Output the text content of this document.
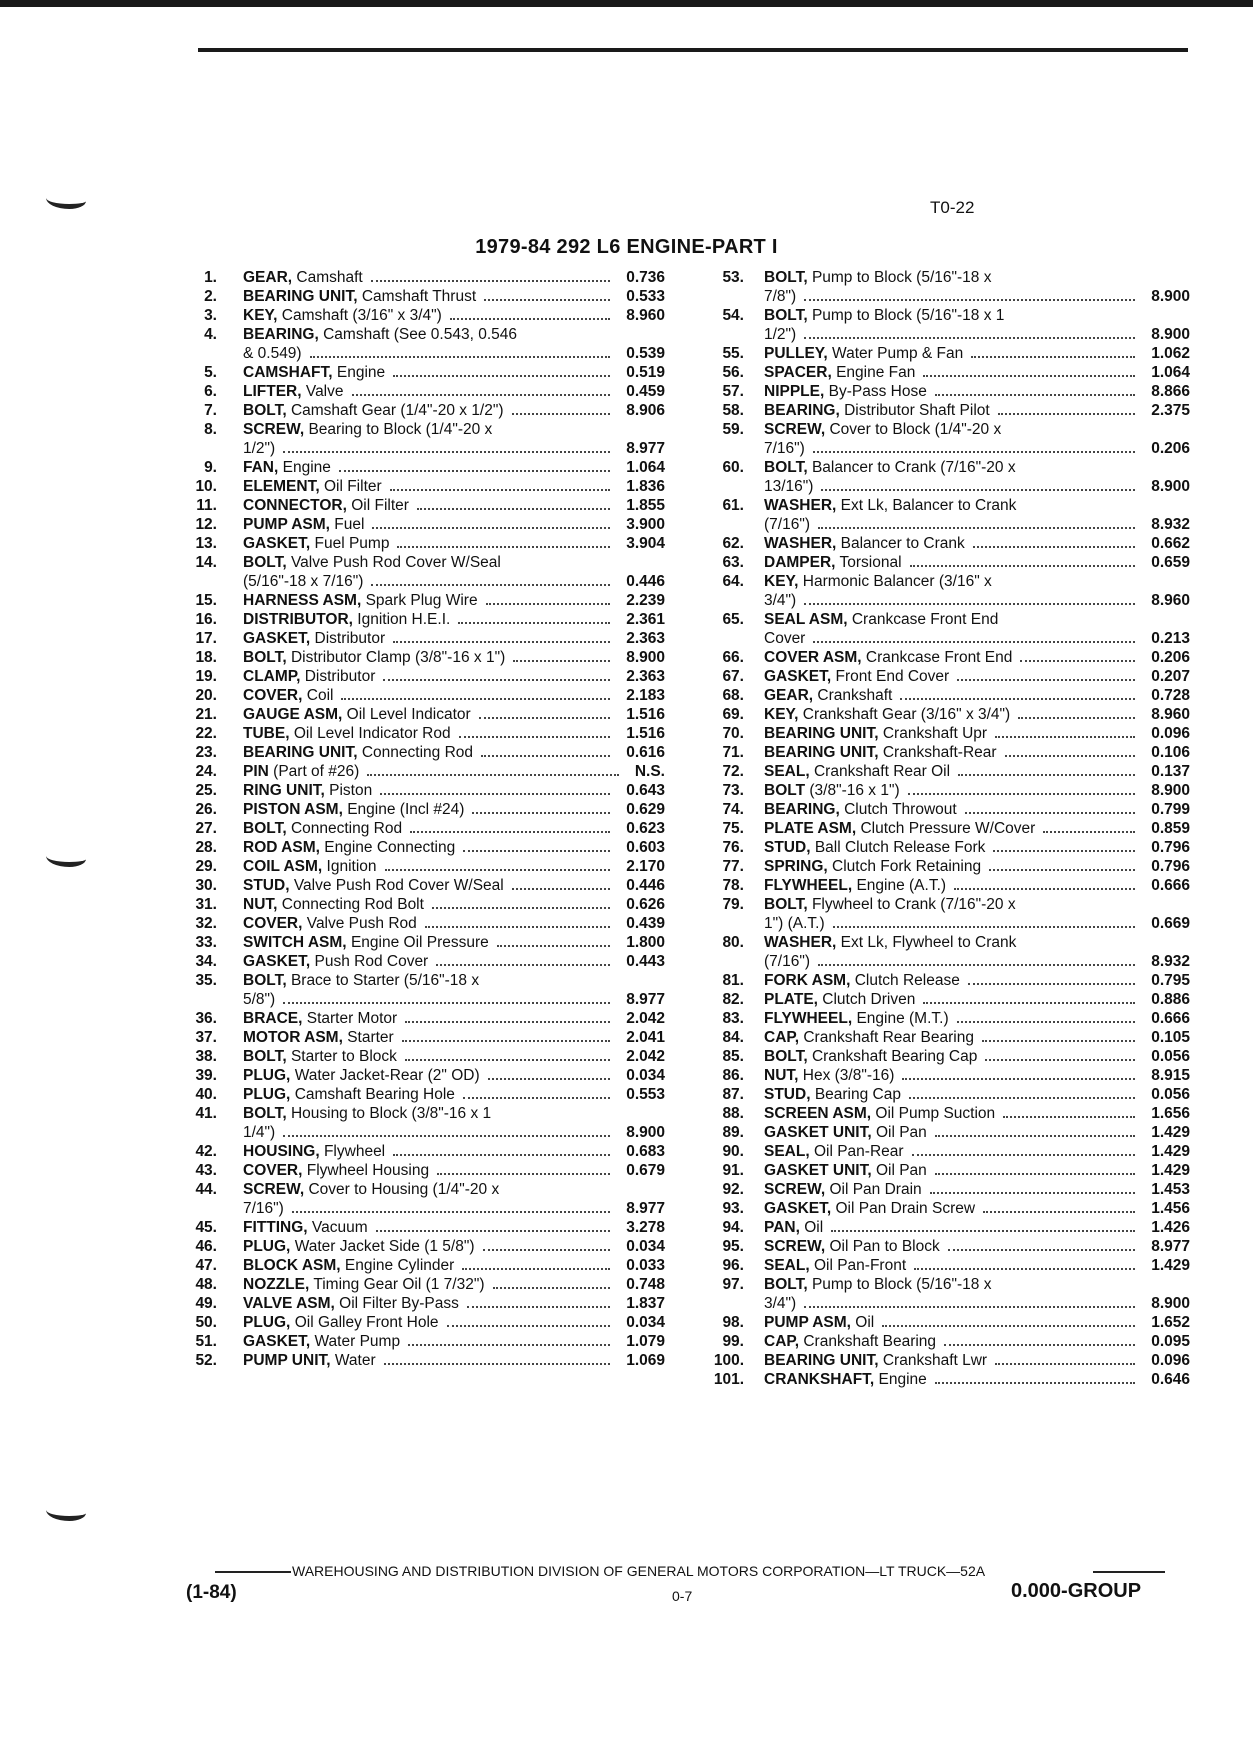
T0-22
1979-84 292 L6 ENGINE-PART I
1. GEAR, Camshaft	0.736
2. BEARING UNIT, Camshaft Thrust	0.533
3. KEY, Camshaft (3/16" x 3/4")	8.960
4. BEARING, Camshaft (See 0.543, 0.546
& 0.549)	0.539
5. CAMSHAFT, Engine	0.519
6. LIFTER, Valve	0.459
7. BOLT, Camshaft Gear (1/4"-20 x 1/2")	8.906
8. SCREW, Bearing to Block (1/4"-20 x
1/2")	8.977
9. FAN, Engine	1.064
10. ELEMENT, Oil Filter	1.836
11. CONNECTOR, Oil Filter	1.855
12. PUMP ASM, Fuel	3.900
13. GASKET, Fuel Pump	3.904
14. BOLT, Valve Push Rod Cover W/Seal
(5/16"-18 x 7/16")	0.446
15. HARNESS ASM, Spark Plug Wire	2.239
16. DISTRIBUTOR, Ignition H.E.I.	2.361
17. GASKET, Distributor	2.363
18. BOLT, Distributor Clamp (3/8"-16 x 1")	8.900
19. CLAMP, Distributor	2.363
20. COVER, Coil	2.183
21. GAUGE ASM, Oil Level Indicator	1.516
22. TUBE, Oil Level Indicator Rod	1.516
23. BEARING UNIT, Connecting Rod	0.616
24. PIN (Part of #26)	N.S.
25. RING UNIT, Piston	0.643
26. PISTON ASM, Engine (Incl #24)	0.629
27. BOLT, Connecting Rod	0.623
28. ROD ASM, Engine Connecting	0.603
29. COIL ASM, Ignition	2.170
30. STUD, Valve Push Rod Cover W/Seal	0.446
31. NUT, Connecting Rod Bolt	0.626
32. COVER, Valve Push Rod	0.439
33. SWITCH ASM, Engine Oil Pressure	1.800
34. GASKET, Push Rod Cover	0.443
35. BOLT, Brace to Starter (5/16"-18 x
5/8")	8.977
36. BRACE, Starter Motor	2.042
37. MOTOR ASM, Starter	2.041
38. BOLT, Starter to Block	2.042
39. PLUG, Water Jacket-Rear (2" OD)	0.034
40. PLUG, Camshaft Bearing Hole	0.553
41. BOLT, Housing to Block (3/8"-16 x 1
1/4")	8.900
42. HOUSING, Flywheel	0.683
43. COVER, Flywheel Housing	0.679
44. SCREW, Cover to Housing (1/4"-20 x
7/16")	8.977
45. FITTING, Vacuum	3.278
46. PLUG, Water Jacket Side (1 5/8")	0.034
47. BLOCK ASM, Engine Cylinder	0.033
48. NOZZLE, Timing Gear Oil (1 7/32")	0.748
49. VALVE ASM, Oil Filter By-Pass	1.837
50. PLUG, Oil Galley Front Hole	0.034
51. GASKET, Water Pump	1.079
52. PUMP UNIT, Water	1.069
53. BOLT, Pump to Block (5/16"-18 x
7/8")	8.900
54. BOLT, Pump to Block (5/16"-18 x 1
1/2")	8.900
55. PULLEY, Water Pump & Fan	1.062
56. SPACER, Engine Fan	1.064
57. NIPPLE, By-Pass Hose	8.866
58. BEARING, Distributor Shaft Pilot	2.375
59. SCREW, Cover to Block (1/4"-20 x
7/16")	0.206
60. BOLT, Balancer to Crank (7/16"-20 x
13/16")	8.900
61. WASHER, Ext Lk, Balancer to Crank
(7/16")	8.932
62. WASHER, Balancer to Crank	0.662
63. DAMPER, Torsional	0.659
64. KEY, Harmonic Balancer (3/16" x
3/4")	8.960
65. SEAL ASM, Crankcase Front End
Cover	0.213
66. COVER ASM, Crankcase Front End	0.206
67. GASKET, Front End Cover	0.207
68. GEAR, Crankshaft	0.728
69. KEY, Crankshaft Gear (3/16" x 3/4")	8.960
70. BEARING UNIT, Crankshaft Upr	0.096
71. BEARING UNIT, Crankshaft-Rear	0.106
72. SEAL, Crankshaft Rear Oil	0.137
73. BOLT (3/8"-16 x 1")	8.900
74. BEARING, Clutch Throwout	0.799
75. PLATE ASM, Clutch Pressure W/Cover	0.859
76. STUD, Ball Clutch Release Fork	0.796
77. SPRING, Clutch Fork Retaining	0.796
78. FLYWHEEL, Engine (A.T.)	0.666
79. BOLT, Flywheel to Crank (7/16"-20 x
1") (A.T.)	0.669
80. WASHER, Ext Lk, Flywheel to Crank
(7/16")	8.932
81. FORK ASM, Clutch Release	0.795
82. PLATE, Clutch Driven	0.886
83. FLYWHEEL, Engine (M.T.)	0.666
84. CAP, Crankshaft Rear Bearing	0.105
85. BOLT, Crankshaft Bearing Cap	0.056
86. NUT, Hex (3/8"-16)	8.915
87. STUD, Bearing Cap	0.056
88. SCREEN ASM, Oil Pump Suction	1.656
89. GASKET UNIT, Oil Pan	1.429
90. SEAL, Oil Pan-Rear	1.429
91. GASKET UNIT, Oil Pan	1.429
92. SCREW, Oil Pan Drain	1.453
93. GASKET, Oil Pan Drain Screw	1.456
94. PAN, Oil	1.426
95. SCREW, Oil Pan to Block	8.977
96. SEAL, Oil Pan-Front	1.429
97. BOLT, Pump to Block (5/16"-18 x
3/4")	8.900
98. PUMP ASM, Oil	1.652
99. CAP, Crankshaft Bearing	0.095
100. BEARING UNIT, Crankshaft Lwr	0.096
101. CRANKSHAFT, Engine	0.646
WAREHOUSING AND DISTRIBUTION DIVISION OF GENERAL MOTORS CORPORATION—LT TRUCK—52A
(1-84)	0-7	0.000-GROUP
